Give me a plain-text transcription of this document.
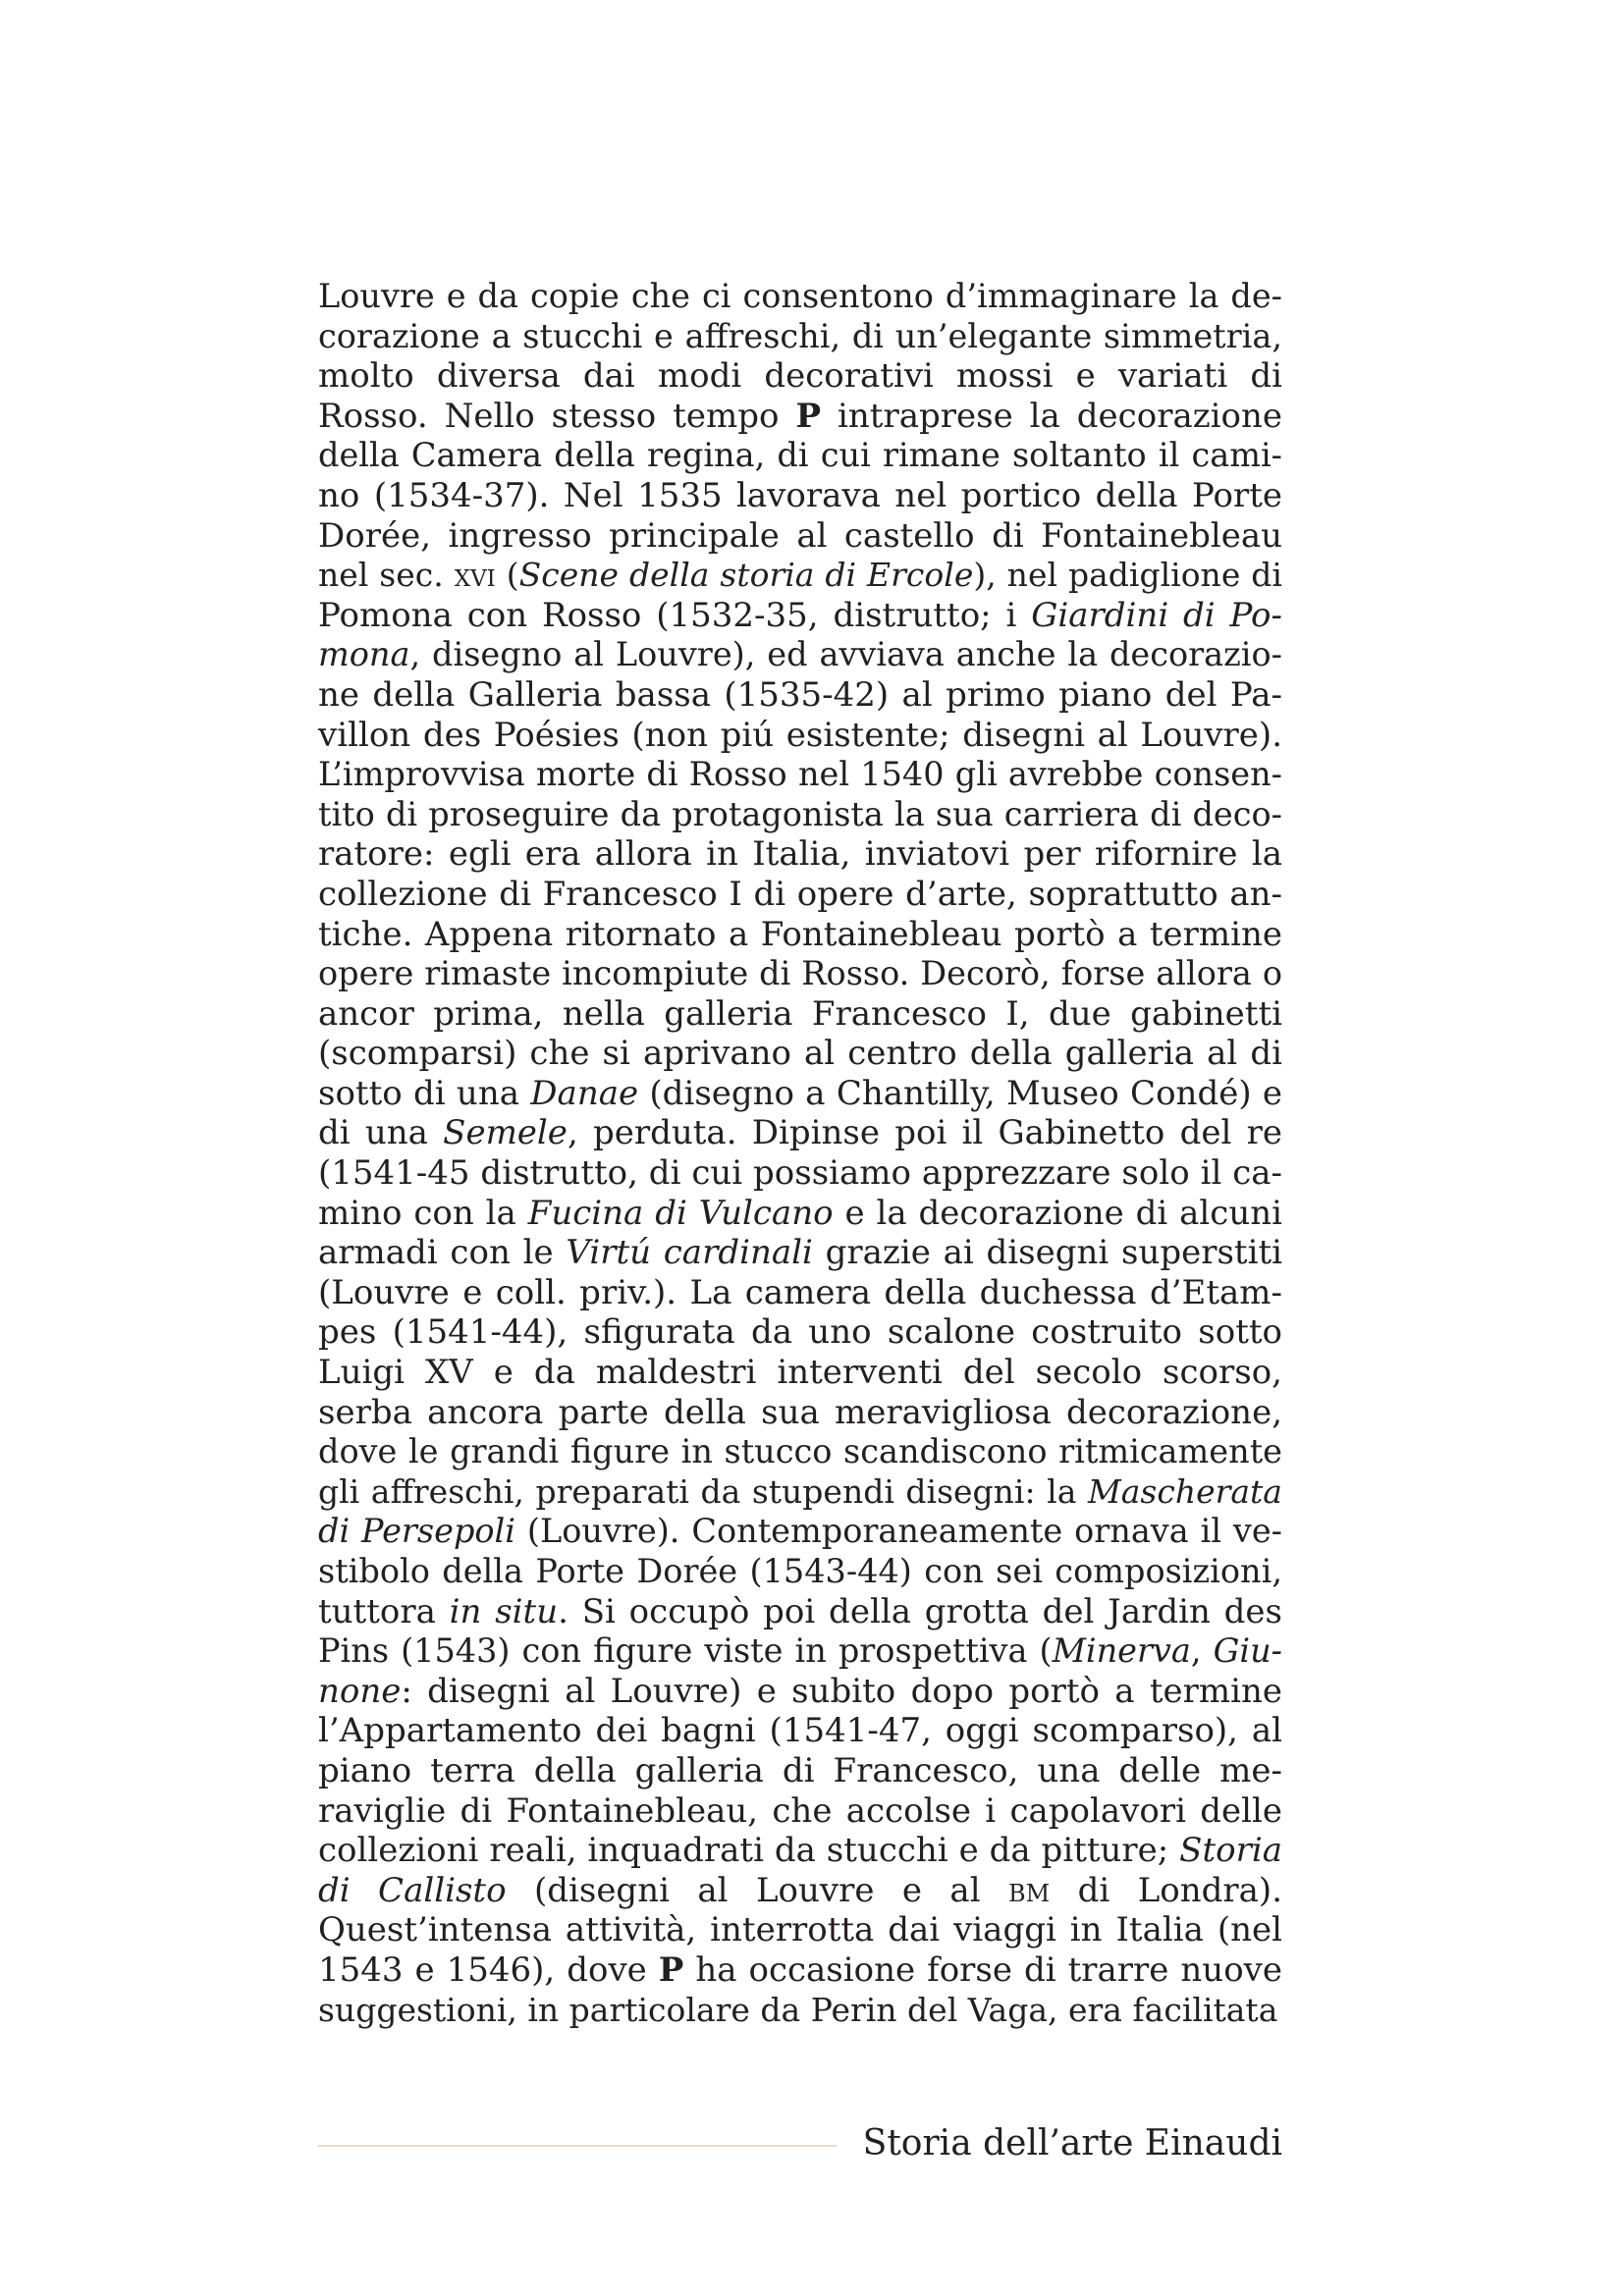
Louvre e da copie che ci consentono d’immaginare la de-
corazione a stucchi e affreschi, di un’elegante simmetria,
molto diversa dai modi decorativi mossi e variati di
Rosso. Nello stesso tempo P intraprese la decorazione
della Camera della regina, di cui rimane soltanto il cami-
no (1534-37). Nel 1535 lavorava nel portico della Porte
Dorée, ingresso principale al castello di Fontainebleau
nel sec. xvi (Scene della storia di Ercole), nel padiglione di
Pomona con Rosso (1532-35, distrutto; i Giardini di Po-
mona, disegno al Louvre), ed avviava anche la decorazio-
ne della Galleria bassa (1535-42) al primo piano del Pa-
villon des Poésies (non piú esistente; disegni al Louvre).
L’improvvisa morte di Rosso nel 1540 gli avrebbe consen-
tito di proseguire da protagonista la sua carriera di deco-
ratore: egli era allora in Italia, inviatovi per rifornire la
collezione di Francesco I di opere d’arte, soprattutto an-
tiche. Appena ritornato a Fontainebleau portò a termine
opere rimaste incompiute di Rosso. Decorò, forse allora o
ancor prima, nella galleria Francesco I, due gabinetti
(scomparsi) che si aprivano al centro della galleria al di
sotto di una Danae (disegno a Chantilly, Museo Condé) e
di una Semele, perduta. Dipinse poi il Gabinetto del re
(1541-45 distrutto, di cui possiamo apprezzare solo il ca-
mino con la Fucina di Vulcano e la decorazione di alcuni
armadi con le Virtú cardinali grazie ai disegni superstiti
(Louvre e coll. priv.). La camera della duchessa d’Etam-
pes (1541-44), sfigurata da uno scalone costruito sotto
Luigi XV e da maldestri interventi del secolo scorso,
serba ancora parte della sua meravigliosa decorazione,
dove le grandi figure in stucco scandiscono ritmicamente
gli affreschi, preparati da stupendi disegni: la Mascherata
di Persepoli (Louvre). Contemporaneamente ornava il ve-
stibolo della Porte Dorée (1543-44) con sei composizioni,
tuttora in situ. Si occupò poi della grotta del Jardin des
Pins (1543) con figure viste in prospettiva (Minerva, Giu-
none: disegni al Louvre) e subito dopo portò a termine
l’Appartamento dei bagni (1541-47, oggi scomparso), al
piano terra della galleria di Francesco, una delle me-
raviglie di Fontainebleau, che accolse i capolavori delle
collezioni reali, inquadrati da stucchi e da pitture; Storia
di Callisto (disegni al Louvre e al bm di Londra).
Quest’intensa attività, interrotta dai viaggi in Italia (nel
1543 e 1546), dove P ha occasione forse di trarre nuove
suggestioni, in particolare da Perin del Vaga, era facilitata
Storia dell’arte Einaudi
